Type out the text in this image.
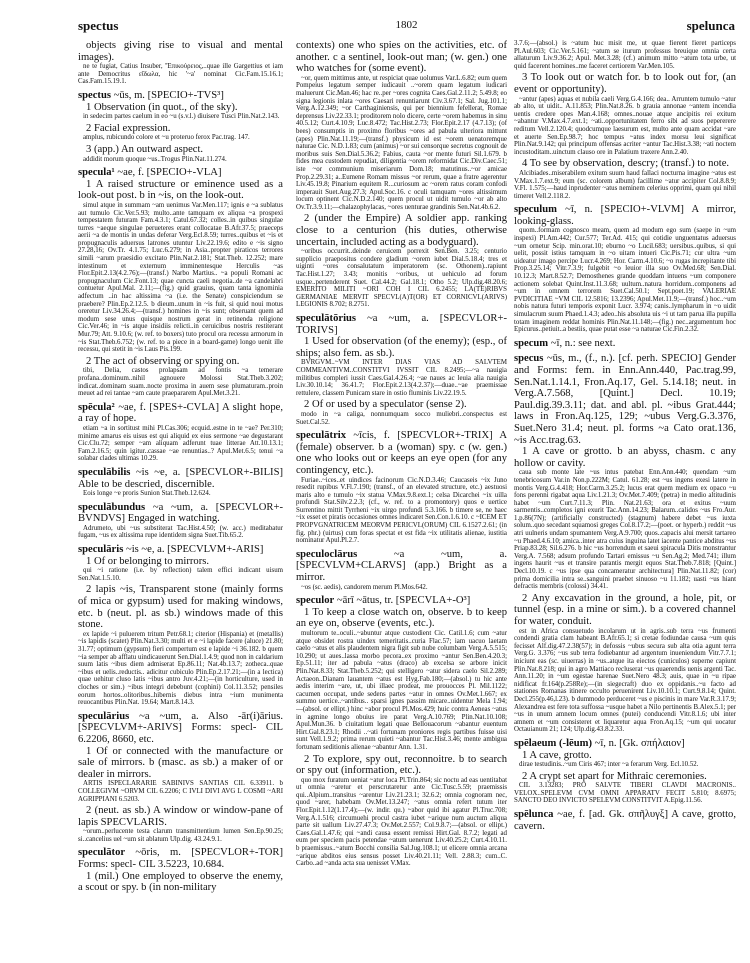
spectus	1802	spelunca

objects giving rise to visual and mental images).

ne te fugiat, Catius Insuber, 'Ἐπικούρειος,..quae ille Gargettius et iam ante Democritus εἴδωλα, hic '~a' nominat Cic.Fam.15.16.1; Cas.Fam.15.19.1.

spectus ~ūs, m. [SPECIO+-TVS³]

1 Observation (in quot., of the sky).

in sedecim partes caelum in eo ~u (s.v.l.) diuisere Tusci Plin.Nat.2.143.

2 Facial expression.

amplus, rubicundo colore et ~u proteruo ferox Pac.trag. 147.

3 (app.) An outward aspect.

addidit morum quoque ~us..Trogus Plin.Nat.11.274.

specula¹ ~ae, f. [SPECIO+-VLA]

1 A raised structure or eminence used as a look-out post. b in ~is, on the look-out.

simul atque in summam ~am uenimus Var.Men.117; ignis e ~a sublatus aut tumulo Cic.Ver.5.93; multo..ante tamquam ex aliqua ~a prospexi tempestatem futuram Fam.4.3.1; Catul.67.32; colles..in quibus singulae turres ~aeque singulae perueteres erant collocatae B.Afr.37.5; praeceps aerii ~a de montis in undas deferar Verg.Ecl.8.59; turres..quibus et ~is et propugnaculis aduersus latrones utuntur Liv.22.19.6; edito e ~is signo 27.28,16; Ov.Tr. 4.1.75; Luc.6.279; in Asia..propter piraticos terrores simili ~arum praesidio excitato Plin.Nat.2.181; Stat.Theb. 12.252; mare intestinum et externum imminentesque Herculis ~as Flor.Epit.2.13(4.2.76);—(transf.) Narbo Martius.. ~a populi Romani ac propugnaculum Cic.Font.13; quae cuncta caeli negotia..de ~a candelabri contuetur Apul.Mal. 2.11;—(fig.) quid grauius, quam tanta ignominia adfectum ..in hac altissima ~a (i.e. the Senate) conspiciendum se praebere? Plin.Ep.2.12.5. b dieum..unum in ~is fuit, si quid noui motus oreretur Liv.34.26.4;—(transf.) homines in ~is sunt; obseruant quem ad modum sese unus quisque nostrum gerat in retinenda religione Cic.Ver.46; in ~is atque insidiis relicti..in ceruicibus nostris restiterant Mur.79; Att. 9.10.6; (w. ref. to boxers) tuto procul ora recessu armorum in ~is Stat.Theb.6.752; (w. ref. to a piece in a board-game) longo uenit ille recessu, qui stetit in ~is Laus Pis.199.

2 The act of observing or spying on.

tibi, Delia, castos prolapsam ad fontis ~a temerare profana..dominum..nihil agnouere Molossi Stat.Theb.3.202; indicat..dominam suam..nocte proxima in auem sese plumaturam..proin meuet ad rei tantae ~am caute praepararem Apul.Met.3.21.

spēcula² ~ae, f. [SPES+-CVLA] A slight hope, a ray of hope.

etiam ~a in sortitust mihi Pl.Cas.306; ecquid..estne in te ~ae? Per.310; minime amarus eis uisus est qui aliquid ex eius sermone ~ae degustarant Cic.Clu.72; semper ~am aliquam adferunt tuae litterae Att.10.13.1; Fam.2.16.5; quin igitur..cassae ~ae renuntias..? Apul.Met.6.5; tenui ~a solabar clades ultimas 10.29.

speculābilis ~is ~e, a. [SPECVLOR+-BILIS] Able to be descried, discernible.

Eois longe ~e proris Sunion Stat.Theb.12.624.

speculābundus ~a ~um, a. [SPECVLOR+-BVNDVS] Engaged in watching.

Adrumeto, ubi ~us substiterat Tac.Hist.4.50; (w. acc.) meditabatur fugam, ~us ex altissima rupe identidem signa Suet.Tib.65.2.

speculāris ~is ~e, a. [SPECVLVM+-ARIS]

1 Of or belonging to mirrors.

qui ~i ratione (i.e. by reflection) talem effici indicant uisum Sen.Nat.1.5.10.

2 lapis ~is, Transparent stone (mainly forms of mica or gypsum) used for making windows, etc. b (neut. pl. as sb.) windows made of this stone.

ex lapide ~i puluerem tritum Petr.68.1; citerior (Hispania) et (metallis) ~is lapidis (scatet) Plin.Nat.3.30; multi et e ~i lapide facere (aluce) 21.80; 31.77; optimum (gypsum) fieri compertum est e lapide ~i 36.182. b quem ~ia semper ab afflatu uindicauerunt Sen.Dial.1.4.9; quod non in caldarium suum latis ~ibus diem admiserat Ep.86.11; Nat.4b.13.7; zotheca..quae ~ibus et uelis..reductis.. adicitur cubiculo Plin.Ep.2.17.21;—(in a lectica) quae uehitur cluso latis ~ibus antro Juv.4.21;—(in horticulture, used in cloches or sim.) ~ibus integri debebunt (cophini) Col.11.3.52; pensiles eorum hortos..olitoribus..hibernis diebus intra ~ium munimenta reuocantibus Plin.Nat. 19.64; Mart.8.14.3.

speculārius ~a ~um, a. Also -ār(i)ārius. [SPECVLVM+-ARIVS] Forms: specl- CIL 6.2206, 8660, etc.

1 Of or connected with the manufacture or sale of mirrors. b (masc. as sb.) a maker of or dealer in mirrors.

ARTIS ISPECLARARIE SABINIVS SANTIAS CIL 6.33911. b COLLEGIVM ~ORVM CIL 6.2206; C IVLI DIVI AVG L COSMI ~ARI AGRIPPIANI 6.5203.

2 (neut. as sb.) A window or window-pane of lapis SPECVLARIS.

~orum..perlucente testa clarum transmittentium lumen Sen.Ep.90.25; si..cancelius uel ~um sit ablatum Ulp.dig. 43.24.9.1.

speculātor ~ōris, m. [SPECVLOR+-TOR] Forms: specl- CIL 3.5223, 10.684.

1 (mil.) One employed to observe the enemy, a scout or spy. b (in non-military

contexts) one who spies on the activities, etc. of another. c a sentinel, look-out man; (w. gen.) one who watches for (some event).

~or, quem mittimus ante, ut respiciat quae uolumus Var.L.6.82; eum quem Pompeius legatum semper iudicauit ..~orem quam legatum iudicari maluerunt Cic.Man.46; hac re..per ~ores cognita Caes.Gal.2.11.2; 5.49.8; eo signa legionis inlata ~ores Caesari renuntiarunt Civ.3.67.1; Sal. Jug.101.1; Verg.A.12.349; ~or Carthaginiensis, qui per biennium fefellerat, Romae deprensus Liv.22.33.1; proditorem nolo dicere, certe ~orem habemus in sinu 40.5.12; Curt.4.10.9; Luc.8.472; Tac.Hist.2.73; Flor.Epit.2.17 (4.7.13); (of bees) consumptis in proximo floribus ~ores ad pabula ulteriora mittunt (apes) Plin.Nat.11.19;—(transf.) physicum id est ~orem uenatoremque naturae Cic. N.D.1.83; cum (animus) ~or sui censorque secretus cognouit de moribus suis Sen.Dial.5.36.2; Fabius, cauta ~or mente futuri Sil.1.679. b fides mea custodem repudiat, diligentia ~orem reformidat Cic.Div.Caec.51; iste ~or communium miseriarum Dom.18; matutinus..~or amicae Prop.2.29.31; a..Eumene Romam missus ~or rerum, quae a fratre agerentur Liv.45.19.8; Pinarium equitem R...curiosum ac ~orem ratus coram confodi imperauit Suet.Aug.27.3; Apul.Soc.16. c oculi tamquam ~ores altissimum locum optinent Cic.N.D.2.140; quem procul ut uidit tumulo ~or ab alto Ov.Tr.3.9.11;—chalazophylacas, ~ores uenturae grandinis Sen.Nat.4b.6.2.

2 (under the Empire) A soldier app. ranking close to a centurion (his duties, otherwise uncertain, included acting as a bodyguard).

~oribus occurrit..deinde ceruicem porrexit Sen.Ben. 3.25; centurio supplicio praepositus condere gladium ~orem iubet Dial.5.18.4; tres et uiginti ~ores consalutatum imperatorem (sc. Othonem)..rapiunt Tac.Hist.1.27; 3.43; monitis ~oribus, ut uehiculo ad forum usque..pertenderent Suet. Cal.44.2; Gal.18.1; Otho 5.2; Ulp.dig.48.20.6; EMERITO MILITI ~ORI COH I CIL 6.2455; LA(TE)RIBVS GERMANIAE MERVIT SPECVL(A)T(OR) ET CORNICVL(ARIVS) LEGIONIS 8.702; 8.2751.

speculātōrius ~a ~um, a. [SPECVLOR+-TORIVS]

1 Used for observation (of the enemy); (esp., of ships; also fem. as sb.).

BVRGVM..~VM INTER DIAS VIAS AD SALVTEM COMMEANTIVM..CONSTITVI IVSSIT CIL 8.2495;—~a nauigia militibus compleri iussit Caes.Gal.4.26.4; ~ae naues ac leuia alia nauigia Liv.30.10.14; 36.41.7; Flor.Epit.2.13(4.2.37);—duae..~ae praemissae rettulere, classem Punicam stare in ostio fluminis Liv.22.19.5.

2 Of or used by a speculator (sense 2).

modo in ~a caliga, nonnumquam socco muliebri..conspectus est Suet.Cal.52.

speculātrix ~īcis, f. [SPECVLOR+-TRIX] A (female) observer. b a (woman) spy. c (w. gen.) one who looks out or keeps an eye open (for any contingency, etc.).

Furiae..~ices..et uindices facinorum Cic.N.D.3.46; Caucaseis ~ix Juno resedit rupibus V.Fl.7.190; (transf., of an elevated structure, etc.) aestuosi maris alto e tumulo ~ix statua V.Max.9.8.ext.1; celsa Dicarchei ~ix uilla profundi Stat.Silv.2.2.3; (cf., w. ref. to a promontory) quos e uertice Surrentino mittit Tyrrheni ~ix uirgo profundi 5.3.166. b timere se, ne haec ~ix esset et piratis occasiones omnes indicaret Sen.Con.1.6.10. c ~ICEM ET PROPVGNATRICEM MEORVM PERICVL(ORUM) CIL 6.1527.2.61; (in fig. phr.) (uirtus) cum foras spectat et est fida ~ix utilitatis alienae, iustitia nominatur Apul.Pl.2.7.

speculoclārus ~a ~um, a. [SPECVLVM+CLARVS] (app.) Bright as a mirror.

~os (sc. aedis), candorem merum Pl.Mos.642.

speculor ~ārī ~ātus, tr. [SPECVLA+-O³]

1 To keep a close watch on, observe. b to keep an eye on, observe (events, etc.).

multorum te..oculi..~abuntur atque custodient Cic. Catil.1.6; cum ~atur atque obsidet rostra uindex temeritatis..curia Flac.57; iam uacuo laetam caelo ~atus et alis plaudentem nigra figit sub nube columbam Verg.A.5.515; 10.290; ut aues..lassa morbo pecora..ex proximo ~antur Sen.Ben.4.20.3; Ep.51.11; iter ad pabula ~atus (draco) ab excelsa se arbore inicit Plin.Nat.8.33; Stat.Theb.5.252; qui stelligero ~atur sidera caelo Sil.2.289; Actaeon..Dianam lauantem ~atus est Hyg.Fab.180;—(absol.) tu hic ante aedis interim ~are, ut, ubi illaec prodeat, me prouocces Pl. Mil.1122; cacumen occupat, unde sedens partes ~atur in omnes Ov.Met.1.667; ex summo uertice..~antibus.. sparsi ignes passim micare..uidentur Mela 1.94;—(absol. or ellipt.) hinc ~abor procul Pl.Mos.429; huic contra Aeneas ~atus in agmine longo obuius ire parat Verg.A.10.769; Plin.Nat.10.108; Apul.Mun.36. b ciuitatium legati quae Bellouacorum ~abantur euentum Hirt.Gal.8.23.1; Rhodii ..~ati fortunam proniores regis partibus fuisse uisi sunt Vell.1.9.2; prima rerum quieti ~abantur Tac.Hist.3.46; mente ambigua fortunam seditionis alienae ~abantur Ann. 1.31.

2 To explore, spy out, reconnoitre. b to search or spy out (information, etc.).

quo mox furatum ueniat ~atur loca Pl.Trin.864; sic noctu ad eas uentitabat ut omnia ~aretur et perscrutaretur ante Cic.Tusc.5.59; praemissis qui..Alpium..transitus ~arentur Liv.21.23.1; 32.6.2; omnia cognoram nec, quod ~arer, habebam Ov.Met.13.247; ~atus omnia refert tutum iter Flor.Epit.1.12(1.17.4);—(w. indir. qu.) ~abor quid ibi agatur Pl.Truc.708; Verg.A.1.516; circumuehi procul castra iubet ~arique num auctum aliqua parte sit uallum Liv.27.47.3; Ov.Met.2.557; Col.9.8.7;—(absol. or ellipt.) Caes.Gal.1.47.6; qui ~andi causa essent remissi Hirt.Gal. 8.7.2; legati ad eum per speciem pacis petendae ~atum uenerunt Liv.40.25.2; Curt.4.10.11. b praemissus..~atum Bocchi consilia Sal.Jug.108.1; ut elicere omnia arcana ~arique abditos eius sensus posset Liv.40.21.11; Vell. 2.88.3; cum..C. Carbo..ad ~anda acta sua uenisset V.Max.

3.7.6;—(absol.) is ~atum huc misit me, ut quae fierent fieret particeps Pl.Aul.603; Cic.Ver.5.161; ~atum se iturum professus breuique omnia certa allaturum Liv.9.36.2; Apul. Met.3.28; (cf.) animum mitto ~atum tota urbe, ut quid facerent homines..me faceret certiorem Var.Men.105.

3 To look out or watch for. b to look out for, (an event or opportunity).

~antur (apes) aquas et nubila caeli Verg.G.4.166; dea.. Arruntem tumulo ~atur ab alto, ut uidit.. A.11.853; Plin.Nat.8.26. b grauia annonae ~antem incendia uentis credere opes Man.4.168; omnes..nouae atque ancipitis rei exitum ~abantur V.Max.4.7.ext.1; ~ati..opportunitatem ferro sibi ad suos pepererere reditum Vell.2.120.4; quodcumque laesurum est, multo ante quam accidat ~are et auerte Sen.Ep.98.7; hoc tempus ~atus index morsu leui significat Plin.Nat.9.142; qui principum offensas acriter ~antur Tac.Hist.3.38; ~ati noctem incustoditam..uinctum clauso ore in Palatium traxere Ann.2.40.

4 To see by observation, descry; (transf.) to note.

Alcibiades..miserabilem exitum suum haud fallaci nocturna imagine ~atus est V.Max.1.7.ext.9; eum (sc. colorem album) facillime ~atur accipiter Col.8.8.9; V.Fl. 1.575;—haud inprudenter ~atus neminem celerius opprimi, quam qui nihil timeret Vell.2.118.2.

speculum ~ī, n. [SPECIO+-VLVM] A mirror, looking-glass.

quom..formam cognosco meam, quem ad modum ego sum (saepe in ~um inspexi) Pl.Am.442; Cur.577; Ter.Ad. 415; qui cotidie unguentatus aduersus ~um ornetur Scip. min.orat.10; eburno ~o Lucil.683; uersibus..quibus, si qui uelit, possit istius tamquam in ~o uitam intueri Cic.Pis.71; cur ultra ~um uideatur imago percipe Lucr.4.269; Hor. Carm.4.10.6; ~o rugas increpitante tibi Prop.3.25.14; Vitr.7.3.9; fulgebit ~o leuior illa suo Ov.Med.68; Sen.Dial. 10.12.3; Mart.8.52.7; Demosthenes grande quoddam intuens ~um componere actionem solebat Quint.Inst.11.3.68; uultum..natura horridum..componens ad ~um in omnem terrorem Suet.Cal.50.1; Sept.poet.19; VALERIAE PVDICITIAE ~VM CIL 12.5816; 13.2396; Apul.Met.11.9;—(transf.) hoc..~um nobis natura futuri temporis exponit Lucr. 3.974; canis..lympharum in ~o uidit simulacrum suum Phaed.1.4.3; adeo..his absoluta uis ~i ut tam parua illa pupilla totam imaginem reddat hominis Plin.Nat.11.148;—(fig.) nec..argumentum hoc Epicurus..petiuit..a bestiis, quae putat esse ~a naturae Cic.Fin.2.32.

specum ~ī, n.: see next.

specus ~ūs, m., (f., n.). [cf. perh. SPECIO] Gender and Forms: fem. in Enn.Ann.440, Pac.trag.99, Sen.Nat.1.14.1, Fron.Aq.17, Gel. 5.14.18; neut. in Verg.A.7.568, [Quint.] Decl. 10.19; Paul.dig.39.3.11; dat. and abl. pl. ~ibus Grat.444; laws in Fron.Aq.125, 129; ~ubus Verg.G.3.376, Suet.Nero 31.4; neut. pl. forms ~a Cato orat.136, ~is Acc.trag.63.

1 A cave or grotto. b an abyss, chasm. c any hollow or cavity.

caua sub monte late ~us intus patebat Enn.Ann.440; quendam ~um tenebricosum Var.in Non.p.222M; Catul. 61.28; est ~us ingens exesi latere in montis Verg.G.4.418; Hor.Carm.3.25.2; lucus erat quem medium ex opaco ~u fons perenni rigabat aqua Liv.1.21.3; Ov.Met.7.409; (petra) in medio altitudinis habet ~um Curt.7.11.3; Plin. Nat.21.63; ora et exitus ~uum sarmentis..completos igni exurit Tac.Ann.14.23; Balarum..calidos ~us Fro.Aur. 1.p.86(7N); (artificially constructed) (stagnum) habere debet ~us iuxta solum..quo secedant squamosi greges Col.8.17.2;—(poet. or hyperb.) reddit ~us atri uulneris undam spumantem Verg.A.9.700; quos..capacis alui mersit tartareo ~u Phaed.4.6.10; amica..inter atra cuius inguina latet iacente pantice abditus ~us Priap.83.28; Sil.6.276. b hic ~us horrendum et saeui spiracula Ditis monstrantur Verg.A. 7.568; adsum profundo Tartari emissus ~u Sen.Ag.2; Med.741; illum ingens haurit ~us et transire parantis mergit equos Stat.Theb.7.818; [Quint.] Decl.10.19. c ~us ipse qua concameratur architectura] Plin.Nat.11.82; (cor) prima domicilia intra se..sanguini praebet sinuoso ~u 11.182; uasti ~us hiant defractis membris (colossi) 34.41.

2 Any excavation in the ground, a hole, pit, or tunnel (esp. in a mine or sim.). b a covered channel for water, conduit.

est in Africa consuetudo incolarum ut in agris..sub terra ~us frumenti condendi gratia clam habeant B.Afr.65.1; si cretae fodiundae causa ~um quis fecisset Alf.dig.47.2.38(57); in defossis ~ubus secura sub alta otia agunt terra Verg.G. 3.376; ~us sub terra fodiebantur ad argentum inueniendum Vitr.7.7.1; iniciunt eas (sc. uiuerras) in ~us..atque ita eiectos (cuniculos) superne capiunt Plin.Nat.8.218; qui in agro Mattiaco recluserat ~us quaerendis uenis argenti Tac. Ann.11.20; in ~um egestae harenae Suet.Nero 48.3; auis, quae in ~u ripae nidificat fr.164(p.258Re);—(in siegecraft) duo ex oppidanis..~u facto ad stationes Romanas itinere occulto peruenirent Liv.10.10.1; Curt.9.8.14; Quint. Decl.255(p.46,l.23). b dummodo perduceret ~us e piscinis in mare Var.R.3.17.9; Alexandrea est fere tota suffossa ~usque habet a Nilo pertinentis B.Alex.5.1; per ~us in unum amnem locum omnes (putei) conducendi Vitr.8.1.6; ubi inter amnem et ~um consisteret et liquaretur aqua Fron.Aq.15; ~um qui uocatur Octauianum 21; 124; Ulp.dig.43.8.2.33.

spēlaeum (-lēum) ~ī, n. [Gk. σπήλαιον]

1 A cave, grotto.

dirae testudinis..~um Ciris 467; inter ~a ferarum Verg. Ecl.10.52.

2 A crypt set apart for Mithraic ceremonies.

CIL 3.13283; PRO SALVTE TIBERI CLAVDI MACRONIS.. VELOX..SPELEVM CVM OMNI APPARATV FECIT 5.810; 8.6975; SANCTO DEO INVICTO SPELEVM CONSTITVIT A.Epig.11.56.

spēlunca ~ae, f. [ad. Gk. σπῆλυγξ] A cave, grotto, cavern.
